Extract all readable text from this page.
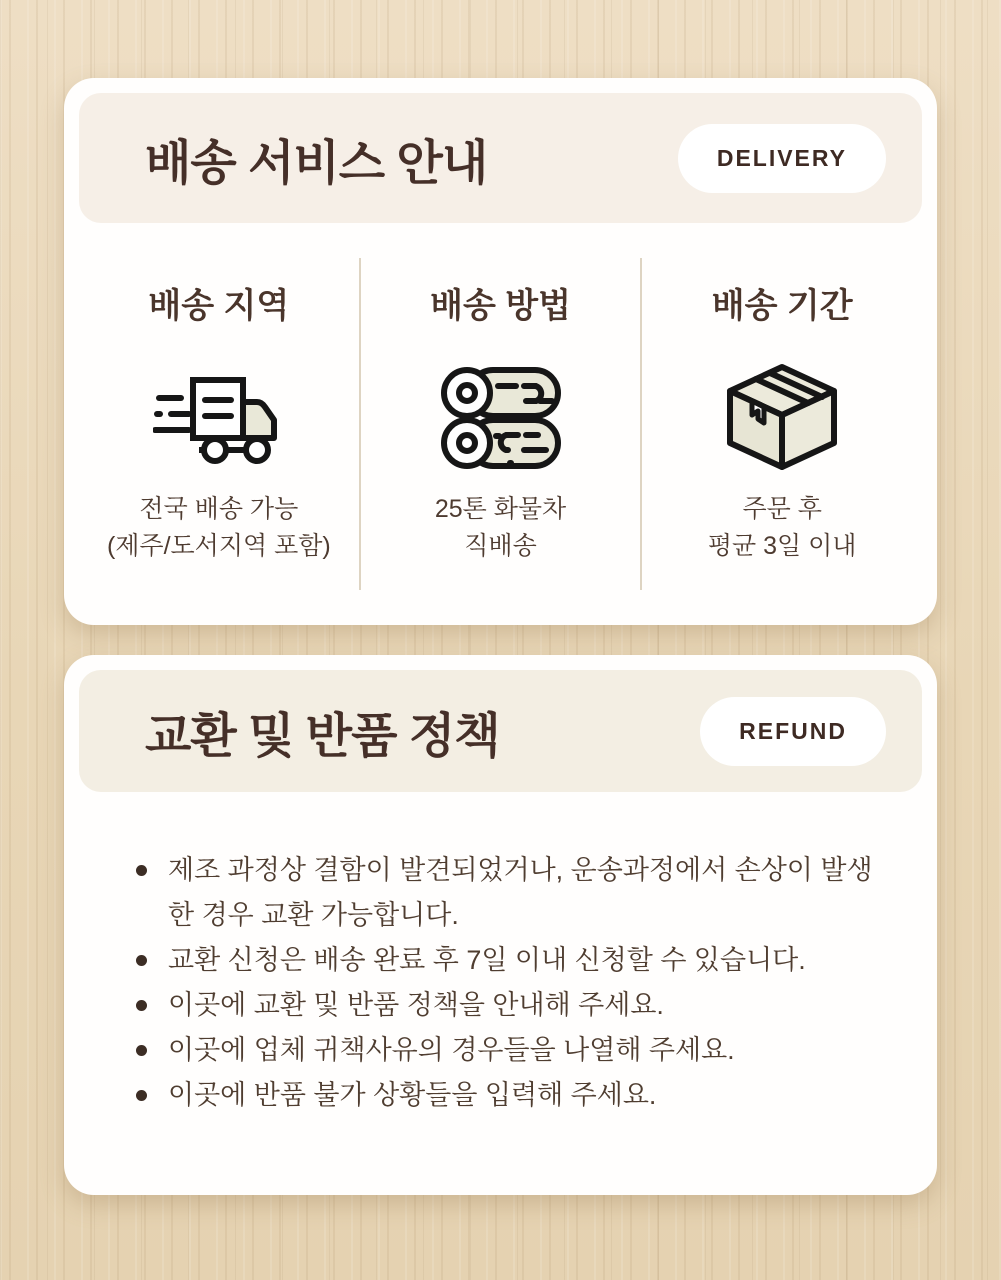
배송 서비스 안내	DELIVERY
배송 지역
전국 배송 가능
(제주/도서지역 포함)
배송 방법
25톤 화물차
직배송
배송 기간
주문 후
평균 3일 이내
교환 및 반품 정책	REFUND
제조 과정상 결함이 발견되었거나, 운송과정에서 손상이 발생한 경우 교환 가능합니다.
교환 신청은 배송 완료 후 7일 이내 신청할 수 있습니다.
이곳에 교환 및 반품 정책을 안내해 주세요.
이곳에 업체 귀책사유의 경우들을 나열해 주세요.
이곳에 반품 불가 상황들을 입력해 주세요.
